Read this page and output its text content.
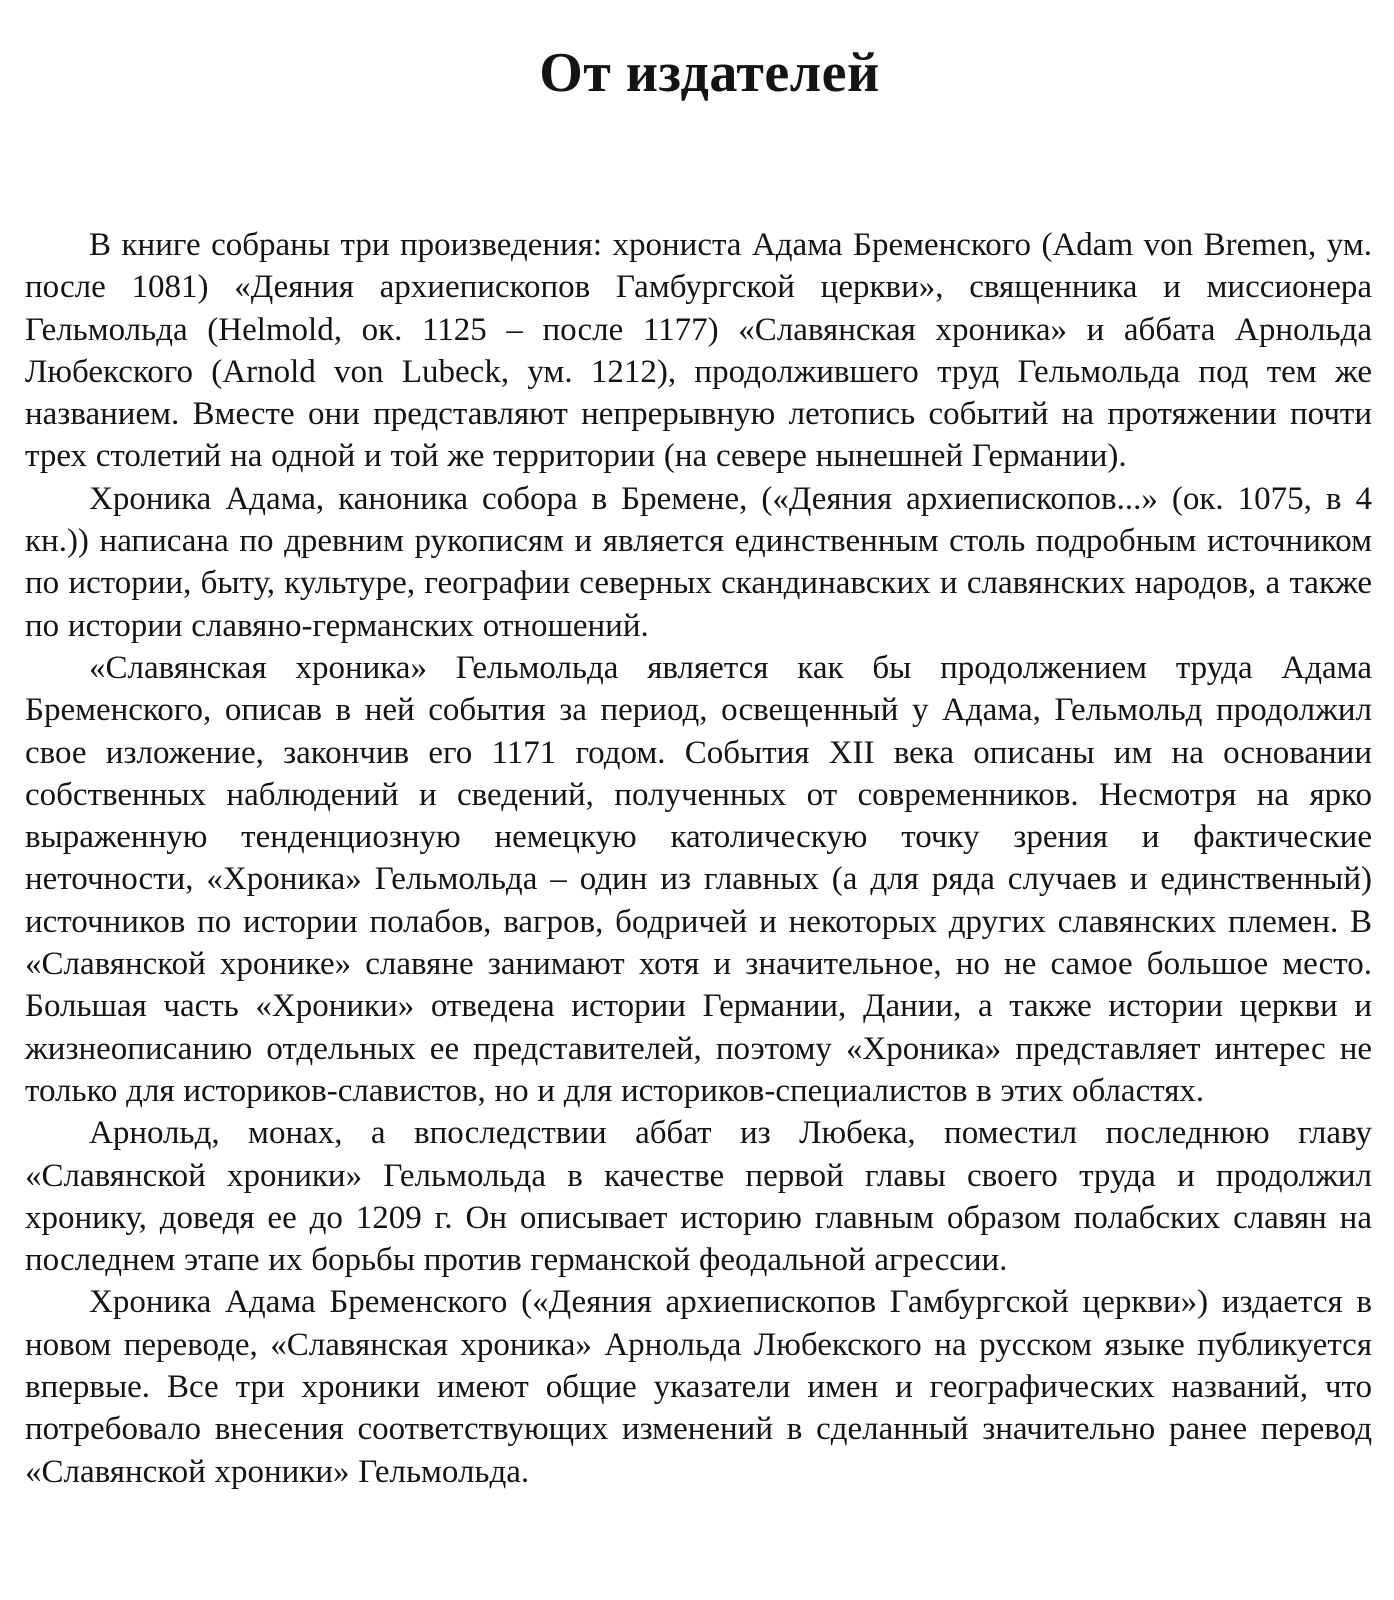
От издателей

В книге собраны три произведения: хрониста Адама Бременского (Adam von Bremen, ум. после 1081) «Деяния архиепископов Гамбургской церкви», священника и миссионера Гельмольда (Helmold, ок. 1125 – после 1177) «Славянская хроника» и аббата Арнольда Любекского (Arnold von Lubeck, ум. 1212), продолжившего труд Гельмольда под тем же названием. Вместе они представляют непрерывную летопись событий на протяжении почти трех столетий на одной и той же территории (на севере нынешней Германии).

Хроника Адама, каноника собора в Бремене, («Деяния архиепископов...» (ок. 1075, в 4 кн.)) написана по древним рукописям и является единственным столь подробным источником по истории, быту, культуре, географии северных скандинавских и славянских народов, а также по истории славяно-германских отношений.

«Славянская хроника» Гельмольда является как бы продолжением труда Адама Бременского, описав в ней события за период, освещенный у Адама, Гельмольд продолжил свое изложение, закончив его 1171 годом. События XII века описаны им на основании собственных наблюдений и сведений, полученных от современников. Несмотря на ярко выраженную тенденциозную немецкую католическую точку зрения и фактические неточности, «Хроника» Гельмольда – один из главных (а для ряда случаев и единственный) источников по истории полабов, вагров, бодричей и некоторых других славянских племен. В «Славянской хронике» славяне занимают хотя и значительное, но не самое большое место. Большая часть «Хроники» отведена истории Германии, Дании, а также истории церкви и жизнеописанию отдельных ее представителей, поэтому «Хроника» представляет интерес не только для историков-славистов, но и для историков-специалистов в этих областях.

Арнольд, монах, а впоследствии аббат из Любека, поместил последнюю главу «Славянской хроники» Гельмольда в качестве первой главы своего труда и продолжил хронику, доведя ее до 1209 г. Он описывает историю главным образом полабских славян на последнем этапе их борьбы против германской феодальной агрессии.

Хроника Адама Бременского («Деяния архиепископов Гамбургской церкви») издается в новом переводе, «Славянская хроника» Арнольда Любекского на русском языке публикуется впервые. Все три хроники имеют общие указатели имен и географических названий, что потребовало внесения соответствующих изменений в сделанный значительно ранее перевод «Славянской хроники» Гельмольда.
